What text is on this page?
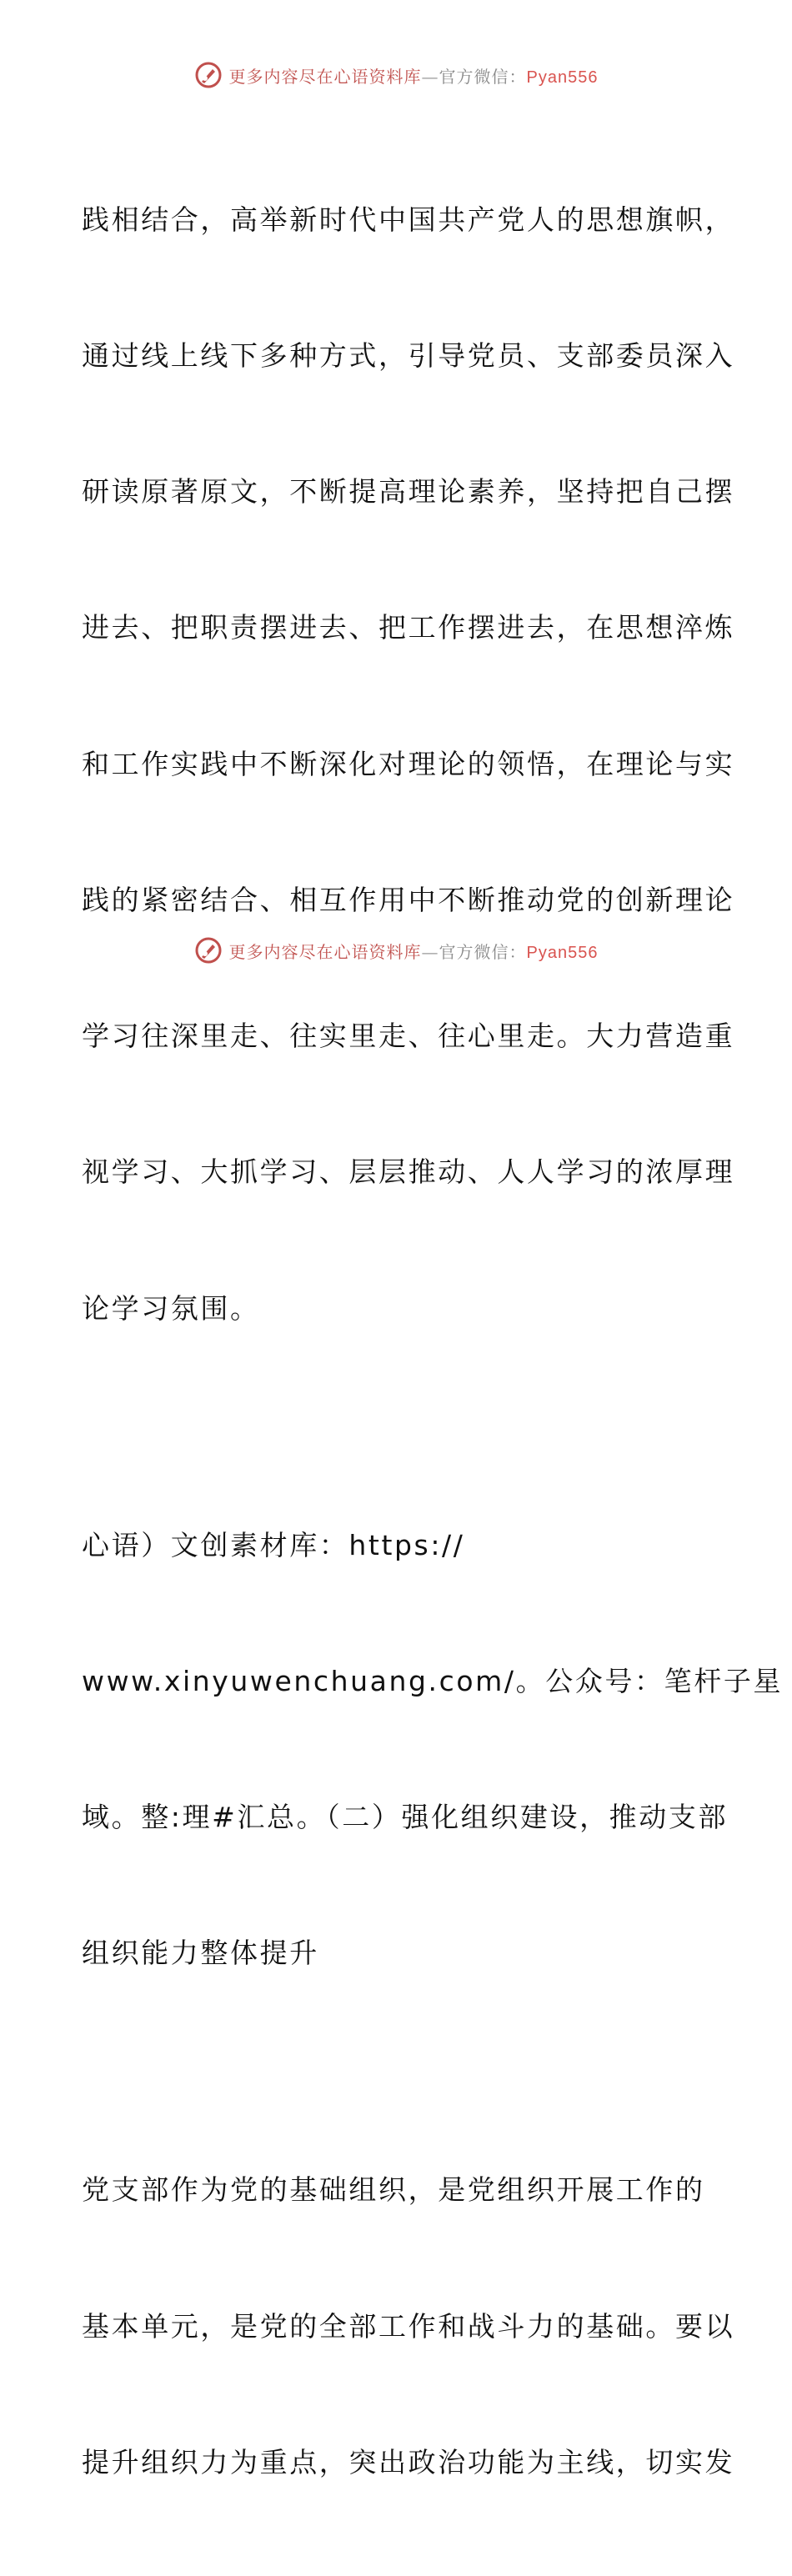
更多内容尽在心语资料库—官方微信：Pyan556

践相结合，高举新时代中国共产党人的思想旗帜，

通过线上线下多种方式，引导党员、支部委员深入

研读原著原文，不断提高理论素养，坚持把自己摆

进去、把职责摆进去、把工作摆进去，在思想淬炼

和工作实践中不断深化对理论的领悟，在理论与实

践的紧密结合、相互作用中不断推动党的创新理论

学习往深里走、往实里走、往心里走。大力营造重

视学习、大抓学习、层层推动、人人学习的浓厚理

论学习氛围。

心语）文创素材库：https://

www.xinyuwenchuang.com/。公众号：笔杆子星

域。整:理#汇总。（二）强化组织建设，推动支部

组织能力整体提升

党支部作为党的基础组织，是党组织开展工作的

基本单元，是党的全部工作和战斗力的基础。要以

提升组织力为重点，突出政治功能为主线，切实发

更多内容尽在心语资料库—官方微信：Pyan556
